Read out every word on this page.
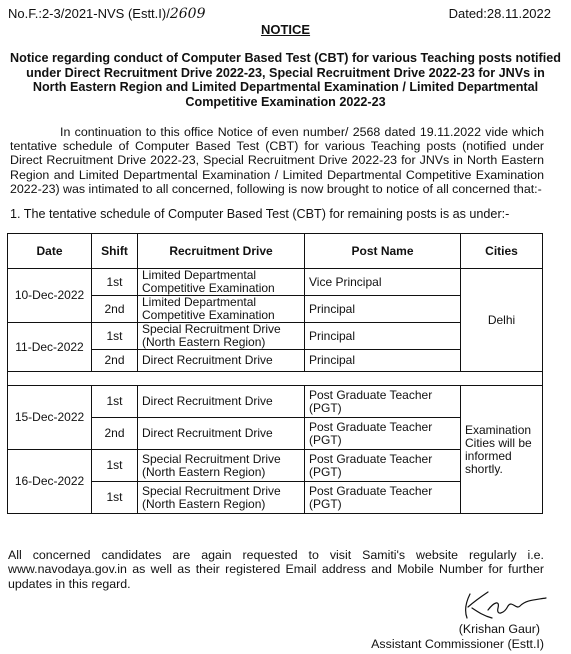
No.F.:2-3/2021-NVS (Estt.I)/2609	Dated:28.11.2022
NOTICE
Notice regarding conduct of Computer Based Test (CBT) for various Teaching posts notified under Direct Recruitment Drive 2022-23, Special Recruitment Drive 2022-23 for JNVs in North Eastern Region and Limited Departmental Examination / Limited Departmental Competitive Examination 2022-23
In continuation to this office Notice of even number/ 2568 dated 19.11.2022 vide which tentative schedule of Computer Based Test (CBT) for various Teaching posts (notified under Direct Recruitment Drive 2022-23, Special Recruitment Drive 2022-23 for JNVs in North Eastern Region and Limited Departmental Examination / Limited Departmental Competitive Examination 2022-23) was intimated to all concerned, following is now brought to notice of all concerned that:-
1. The tentative schedule of Computer Based Test (CBT) for remaining posts is as under:-
Date	Shift	Recruitment Drive	Post Name	Cities
10-Dec-2022	1st	Limited Departmental Competitive Examination	Vice Principal	Delhi
	2nd	Limited Departmental Competitive Examination	Principal	
11-Dec-2022	1st	Special Recruitment Drive (North Eastern Region)	Principal	
	2nd	Direct Recruitment Drive	Principal	

15-Dec-2022	1st	Direct Recruitment Drive	Post Graduate Teacher (PGT)	Examination Cities will be informed shortly.
	2nd	Direct Recruitment Drive	Post Graduate Teacher (PGT)	
16-Dec-2022	1st	Special Recruitment Drive (North Eastern Region)	Post Graduate Teacher (PGT)	
	1st	Special Recruitment Drive (North Eastern Region)	Post Graduate Teacher (PGT)	
All concerned candidates are again requested to visit Samiti's website regularly i.e. www.navodaya.gov.in as well as their registered Email address and Mobile Number for further updates in this regard.
(Krishan Gaur)
Assistant Commissioner (Estt.I)
